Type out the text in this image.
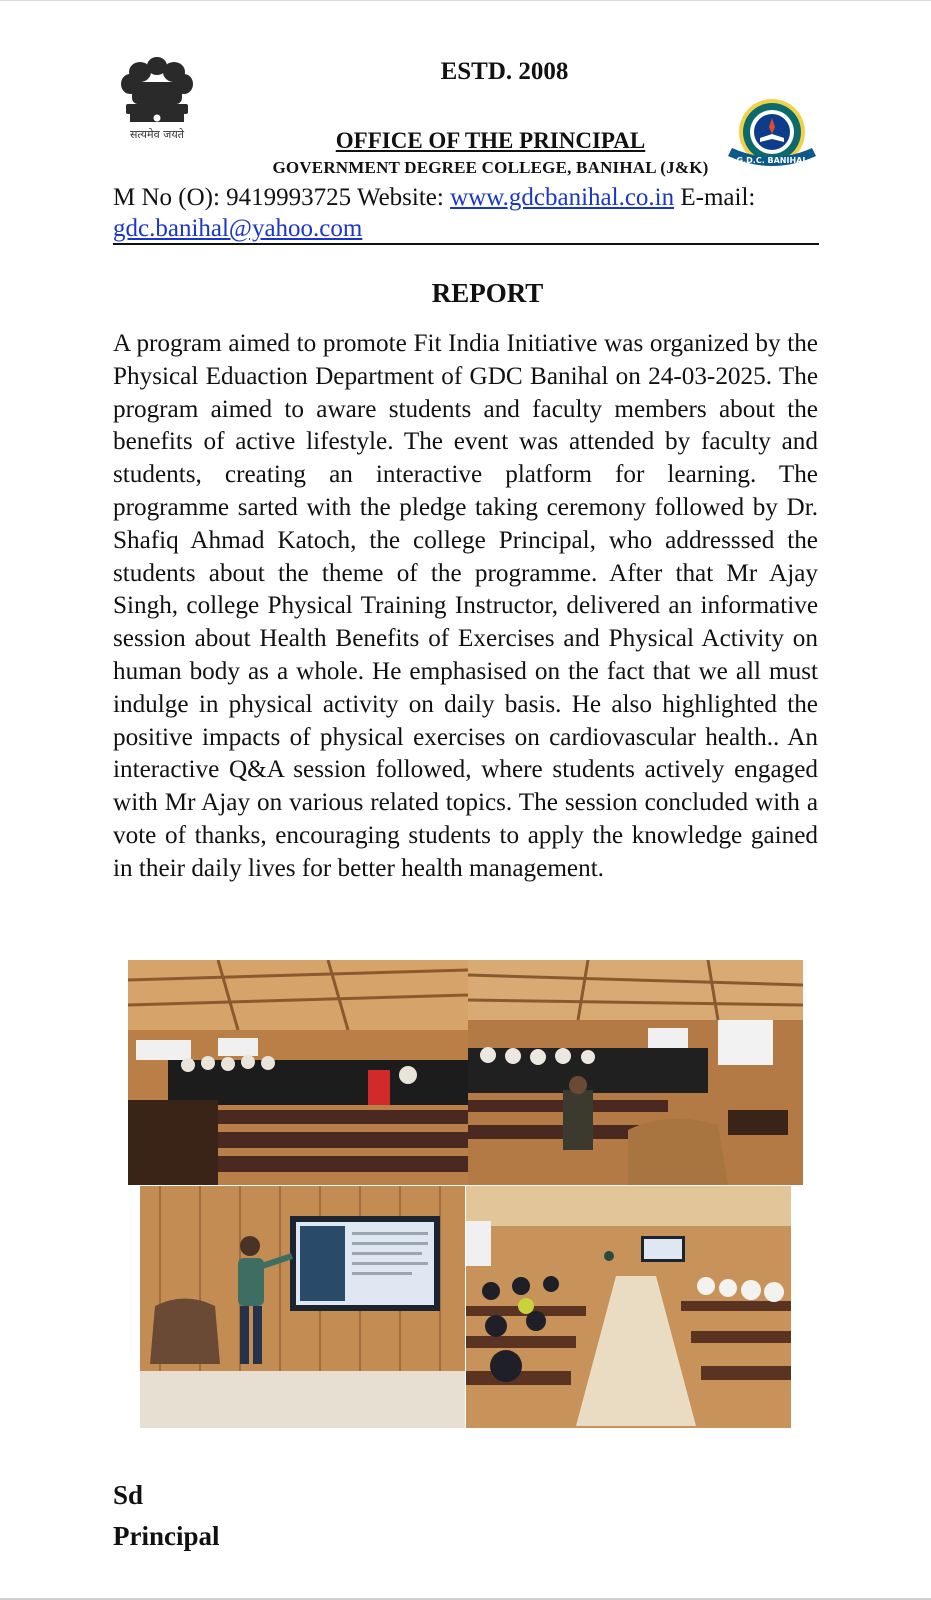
सत्यमेव जयते
G.D.C. BANIHAL
ESTD. 2008
OFFICE OF THE PRINCIPAL
GOVERNMENT DEGREE COLLEGE, BANIHAL (J&K)
M No (O): 9419993725 Website: www.gdcbanihal.co.in E-mail:
gdc.banihal@yahoo.com
REPORT

A program aimed to promote Fit India Initiative was organized by the Physical Eduaction Department of GDC Banihal on 24-03-2025. The program aimed to aware students and faculty members about the benefits of active lifestyle. The event was attended by faculty and students, creating an interactive platform for learning. The programme sarted with the pledge taking ceremony followed by Dr. Shafiq Ahmad Katoch, the college Principal, who addresssed the students about the theme of the programme. After that Mr Ajay Singh, college Physical Training Instructor, delivered an informative session about Health Benefits of Exercises and Physical Activity on human body as a whole. He emphasised on the fact that we all must indulge in physical activity on daily basis. He also highlighted the positive impacts of physical exercises on cardiovascular health.. An interactive Q&A session followed, where students actively engaged with Mr Ajay on various related topics. The session concluded with a vote of thanks, encouraging students to apply the knowledge gained in their daily lives for better health management.

Sd
Principal
